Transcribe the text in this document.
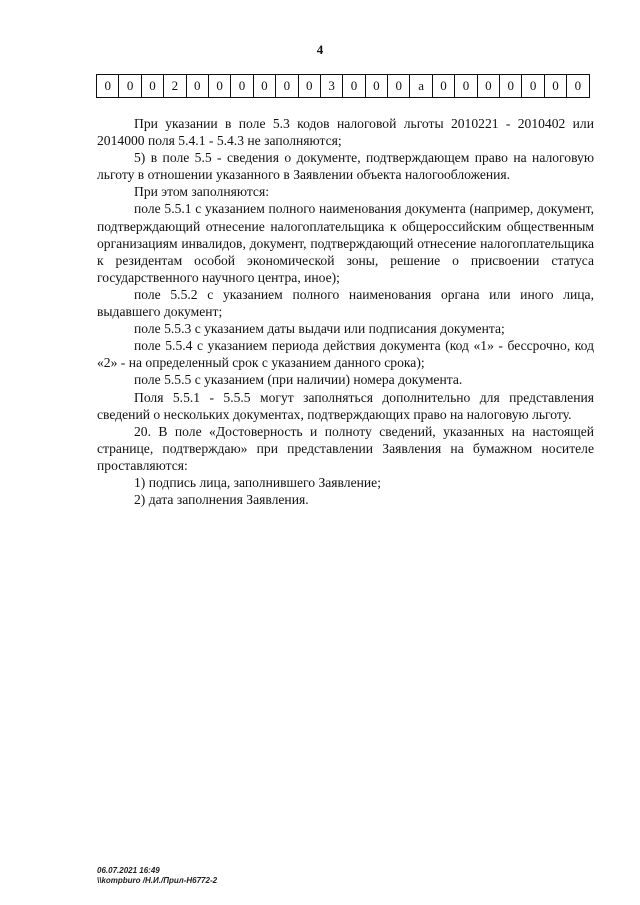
4
0	0	0	2	0	0	0	0	0	0	3	0	0	0	а	0	0	0	0	0	0	0

При указании в поле 5.3 кодов налоговой льготы 2010221 - 2010402 или 2014000 поля 5.4.1 - 5.4.3 не заполняются;

5) в поле 5.5 - сведения о документе, подтверждающем право на налоговую льготу в отношении указанного в Заявлении объекта налогообложения.

При этом заполняются:

поле 5.5.1 с указанием полного наименования документа (например, документ, подтверждающий отнесение налогоплательщика к общероссийским общественным организациям инвалидов, документ, подтверждающий отнесение налогоплательщика к резидентам особой экономической зоны, решение о присвоении статуса государственного научного центра, иное);

поле 5.5.2 с указанием полного наименования органа или иного лица, выдавшего документ;

поле 5.5.3 с указанием даты выдачи или подписания документа;

поле 5.5.4 с указанием периода действия документа (код «1» - бессрочно, код «2» - на определенный срок с указанием данного срока);

поле 5.5.5 с указанием (при наличии) номера документа.

Поля 5.5.1 - 5.5.5 могут заполняться дополнительно для представления сведений о нескольких документах, подтверждающих право на налоговую льготу.

20. В поле «Достоверность и полноту сведений, указанных на настоящей странице, подтверждаю» при представлении Заявления на бумажном носителе проставляются:

1) подпись лица, заполнившего Заявление;

2) дата заполнения Заявления.

06.07.2021 16:49
\\kompburo /Н.И./Прил-Н6772-2
